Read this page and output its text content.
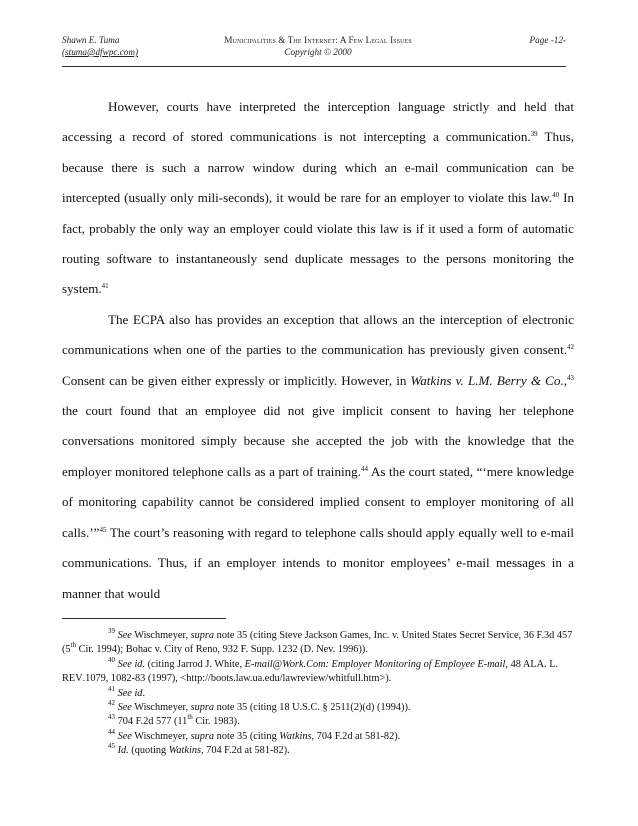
Shawn E. Tuma
(stuma@dfwpc.com)
Municipalities & The Internet: A Few Legal Issues
Copyright © 2000
Page -12-

However, courts have interpreted the interception language strictly and held that accessing a record of stored communications is not intercepting a communication.$^{39}$ Thus, because there is such a narrow window during which an e-mail communication can be intercepted (usually only mili-seconds), it would be rare for an employer to violate this law.$^{40}$ In fact, probably the only way an employer could violate this law is if it used a form of automatic routing software to instantaneously send duplicate messages to the persons monitoring the system.$^{41}$

The ECPA also has provides an exception that allows an the interception of electronic communications when one of the parties to the communication has previously given consent.$^{42}$ Consent can be given either expressly or implicitly. However, in Watkins v. L.M. Berry & Co.,$^{43}$ the court found that an employee did not give implicit consent to having her telephone conversations monitored simply because she accepted the job with the knowledge that the employer monitored telephone calls as a part of training.$^{44}$ As the court stated, “‘mere knowledge of monitoring capability cannot be considered implied consent to employer monitoring of all calls.’”$^{45}$ The court’s reasoning with regard to telephone calls should apply equally well to e-mail communications. Thus, if an employer intends to monitor employees’ e-mail messages in a manner that would

$^{39}$ See Wischmeyer, supra note 35 (citing Steve Jackson Games, Inc. v. United States Secret Service, 36 F.3d 457 (5th Cir. 1994); Bohac v. City of Reno, 932 F. Supp. 1232 (D. Nev. 1996)).

$^{40}$ See id. (citing Jarrod J. White, E-mail@Work.Com: Employer Monitoring of Employee E-mail, 48 ALA. L. REV.1079, 1082-83 (1997), <http://boots.law.ua.edu/lawreview/whitfull.htm>).

$^{41}$ See id.

$^{42}$ See Wischmeyer, supra note 35 (citing 18 U.S.C. § 2511(2)(d) (1994)).

$^{43}$ 704 F.2d 577 (11th Cir. 1983).

$^{44}$ See Wischmeyer, supra note 35 (citing Watkins, 704 F.2d at 581-82).

$^{45}$ Id. (quoting Watkins, 704 F.2d at 581-82).
